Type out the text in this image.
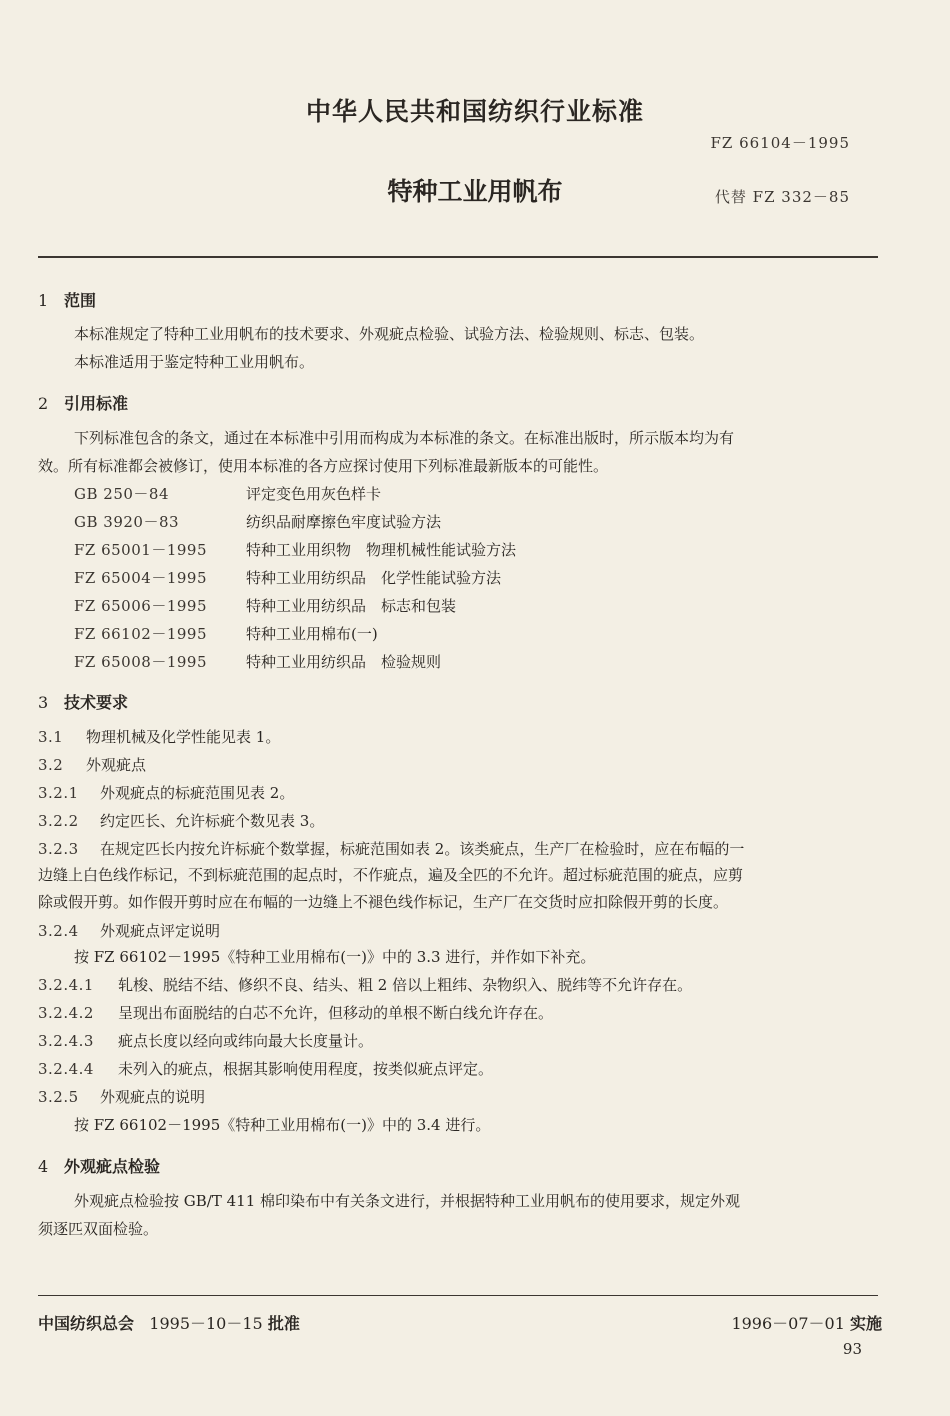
中华人民共和国纺织行业标准
FZ 66104－1995
特种工业用帆布	代替 FZ 332－85
1 范围
本标准规定了特种工业用帆布的技术要求、外观疵点检验、试验方法、检验规则、标志、包装。
本标准适用于鉴定特种工业用帆布。
2 引用标准
下列标准包含的条文，通过在本标准中引用而构成为本标准的条文。在标准出版时，所示版本均为有
效。所有标准都会被修订，使用本标准的各方应探讨使用下列标准最新版本的可能性。
GB 250－84	评定变色用灰色样卡
GB 3920－83	纺织品耐摩擦色牢度试验方法
FZ 65001－1995	特种工业用织物　物理机械性能试验方法
FZ 65004－1995	特种工业用纺织品　化学性能试验方法
FZ 65006－1995	特种工业用纺织品　标志和包装
FZ 66102－1995	特种工业用棉布(一)
FZ 65008－1995	特种工业用纺织品　检验规则
3 技术要求
3.1 物理机械及化学性能见表 1。
3.2 外观疵点
3.2.1 外观疵点的标疵范围见表 2。
3.2.2 约定匹长、允许标疵个数见表 3。
3.2.3 在规定匹长内按允许标疵个数掌握，标疵范围如表 2。该类疵点，生产厂在检验时，应在布幅的一
边缝上白色线作标记，不到标疵范围的起点时，不作疵点，遍及全匹的不允许。超过标疵范围的疵点，应剪
除或假开剪。如作假开剪时应在布幅的一边缝上不褪色线作标记，生产厂在交货时应扣除假开剪的长度。
3.2.4 外观疵点评定说明
按 FZ 66102－1995《特种工业用棉布(一)》中的 3.3 进行，并作如下补充。
3.2.4.1 轧梭、脱结不结、修织不良、结头、粗 2 倍以上粗纬、杂物织入、脱纬等不允许存在。
3.2.4.2 呈现出布面脱结的白芯不允许，但移动的单根不断白线允许存在。
3.2.4.3 疵点长度以经向或纬向最大长度量计。
3.2.4.4 未列入的疵点，根据其影响使用程度，按类似疵点评定。
3.2.5 外观疵点的说明
按 FZ 66102－1995《特种工业用棉布(一)》中的 3.4 进行。
4 外观疵点检验
外观疵点检验按 GB/T 411 棉印染布中有关条文进行，并根据特种工业用帆布的使用要求，规定外观
须逐匹双面检验。
中国纺织总会 1995－10－15 批准	1996－07－01 实施
93
